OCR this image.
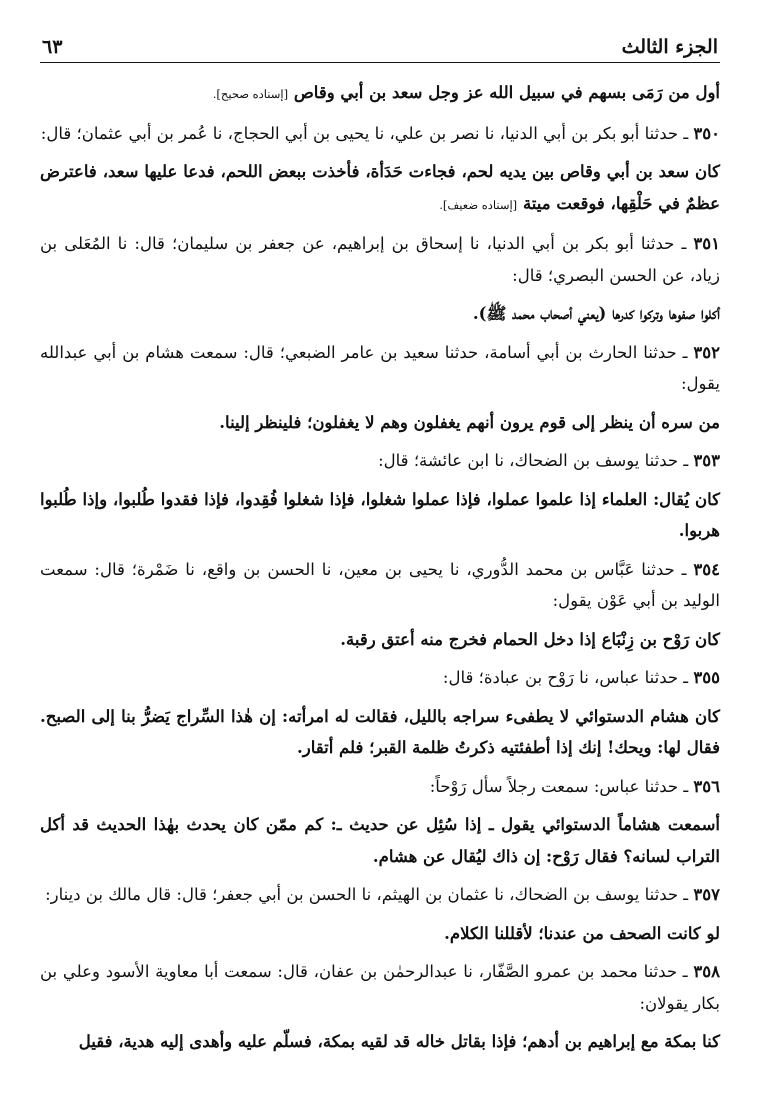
الجزء الثالث
٦٣

أول من رَمَى بسهم في سبيل الله عز وجل سعد بن أبي وقاص [إسناده صحيح].

٣٥٠ ـ حدثنا أبو بكر بن أبي الدنيا، نا نصر بن علي، نا يحيى بن أبي الحجاج، نا عُمر بن أبي عثمان؛ قال:

كان سعد بن أبي وقاص بين يديه لحم، فجاءت حَدَأة، فأخذت ببعض اللحم، فدعا عليها سعد، فاعترض عظمٌ في حَلْقِها، فوقعت ميتة [إسناده ضعيف].

٣٥١ ـ حدثنا أبو بكر بن أبي الدنيا، نا إسحاق بن إبراهيم، عن جعفر بن سليمان؛ قال: نا المُعَلى بن زياد، عن الحسن البصري؛ قال:

أكلوا صفوها وتركوا كدرها (يعني أصحاب محمد ﷺ).

٣٥٢ ـ حدثنا الحارث بن أبي أسامة، حدثنا سعيد بن عامر الضبعي؛ قال: سمعت هشام بن أبي عبدالله يقول:

من سره أن ينظر إلى قوم يرون أنهم يغفلون وهم لا يغفلون؛ فلينظر إلينا.

٣٥٣ ـ حدثنا يوسف بن الضحاك، نا ابن عائشة؛ قال:

كان يُقال: العلماء إذا علموا عملوا، فإذا عملوا شغلوا، فإذا شغلوا فُقِدوا، فإذا فقدوا طُلبوا، وإذا طُلبوا هربوا.

٣٥٤ ـ حدثنا عَبَّاس بن محمد الدُّوري، نا يحيى بن معين، نا الحسن بن واقع، نا ضَمْرة؛ قال: سمعت الوليد بن أبي عَوْن يقول:

كان رَوْح بن زِنْبَاع إذا دخل الحمام فخرج منه أعتق رقبة.

٣٥٥ ـ حدثنا عباس، نا رَوْح بن عبادة؛ قال:

كان هشام الدستوائي لا يطفىء سراجه بالليل، فقالت له امرأته: إن هٰذا السِّراج يَضرُّ بنا إلى الصبح. فقال لها: ويحك! إنك إذا أطفئتيه ذكرتُ ظلمة القبر؛ فلم أتقار.

٣٥٦ ـ حدثنا عباس: سمعت رجلاً سأل رَوْحاً:

أسمعت هشاماً الدستوائي يقول ـ إذا سُئِل عن حديث ـ: كم ممّن كان يحدث بهٰذا الحديث قد أكل التراب لسانه؟ فقال رَوْح: إن ذاك ليُقال عن هشام.

٣٥٧ ـ حدثنا يوسف بن الضحاك، نا عثمان بن الهيثم، نا الحسن بن أبي جعفر؛ قال: قال مالك بن دينار:

لو كانت الصحف من عندنا؛ لأقللنا الكلام.

٣٥٨ ـ حدثنا محمد بن عمرو الصَّفّار، نا عبدالرحمٰن بن عفان، قال: سمعت أبا معاوية الأسود وعلي بن بكار يقولان:

كنا بمكة مع إبراهيم بن أدهم؛ فإذا بقاتل خاله قد لقيه بمكة، فسلّم عليه وأهدى إليه هدية، فقيل
